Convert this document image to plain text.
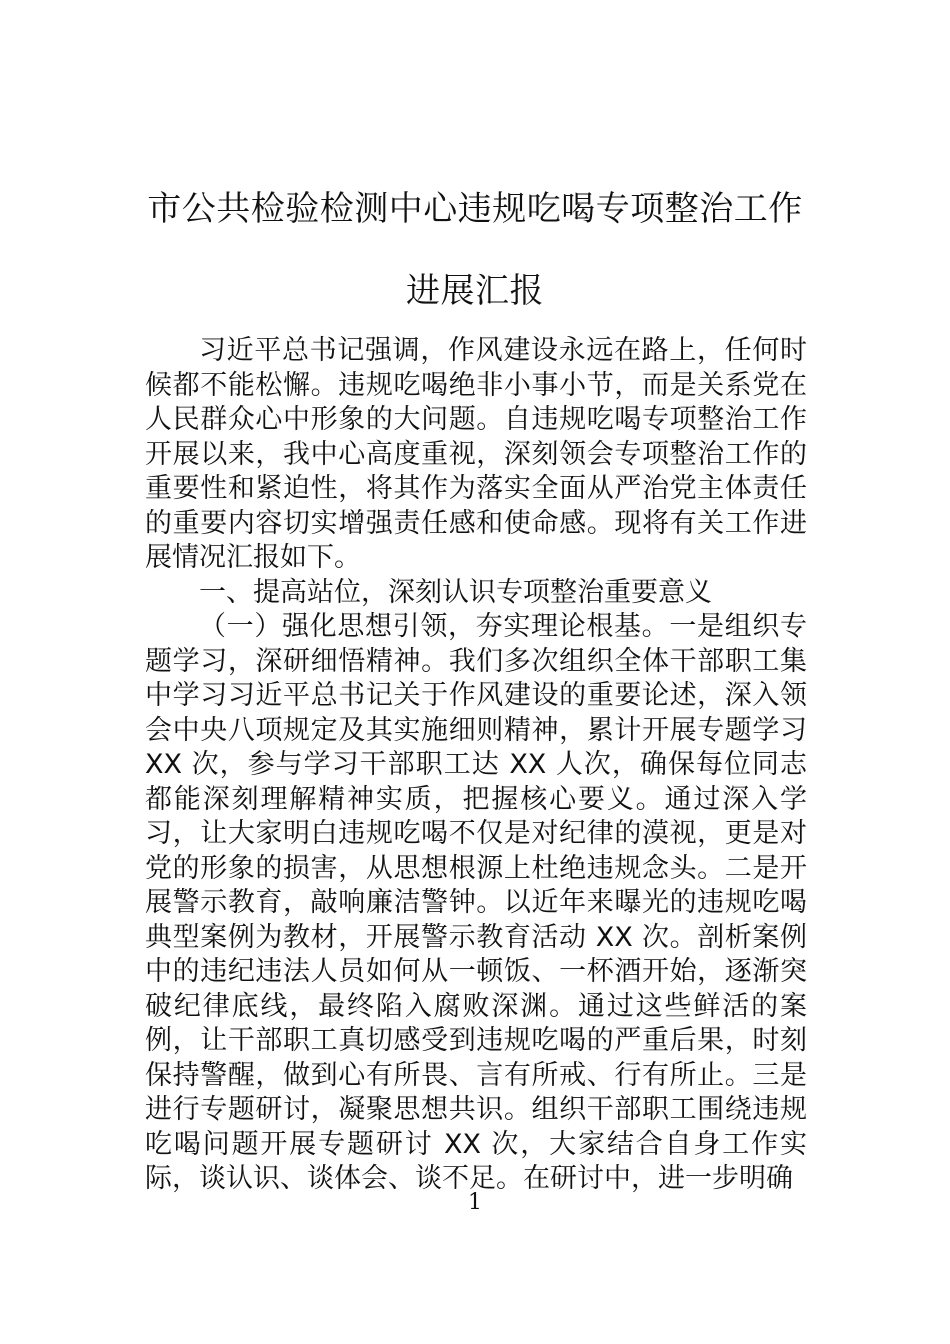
市公共检验检测中心违规吃喝专项整治工作进展汇报

习近平总书记强调，作风建设永远在路上，任何时候都不能松懈。违规吃喝绝非小事小节，而是关系党在人民群众心中形象的大问题。自违规吃喝专项整治工作开展以来，我中心高度重视，深刻领会专项整治工作的重要性和紧迫性，将其作为落实全面从严治党主体责任的重要内容切实增强责任感和使命感。现将有关工作进展情况汇报如下。

一、提高站位，深刻认识专项整治重要意义

（一）强化思想引领，夯实理论根基。一是组织专题学习，深研细悟精神。我们多次组织全体干部职工集中学习习近平总书记关于作风建设的重要论述，深入领会中央八项规定及其实施细则精神，累计开展专题学习 XX 次，参与学习干部职工达 XX 人次，确保每位同志都能深刻理解精神实质，把握核心要义。通过深入学习，让大家明白违规吃喝不仅是对纪律的漠视，更是对党的形象的损害，从思想根源上杜绝违规念头。二是开展警示教育，敲响廉洁警钟。以近年来曝光的违规吃喝典型案例为教材，开展警示教育活动 XX 次。剖析案例中的违纪违法人员如何从一顿饭、一杯酒开始，逐渐突破纪律底线，最终陷入腐败深渊。通过这些鲜活的案例，让干部职工真切感受到违规吃喝的严重后果，时刻保持警醒，做到心有所畏、言有所戒、行有所止。三是进行专题研讨，凝聚思想共识。组织干部职工围绕违规吃喝问题开展专题研讨 XX 次，大家结合自身工作实际，谈认识、谈体会、谈不足。在研讨中，进一步明确

1
